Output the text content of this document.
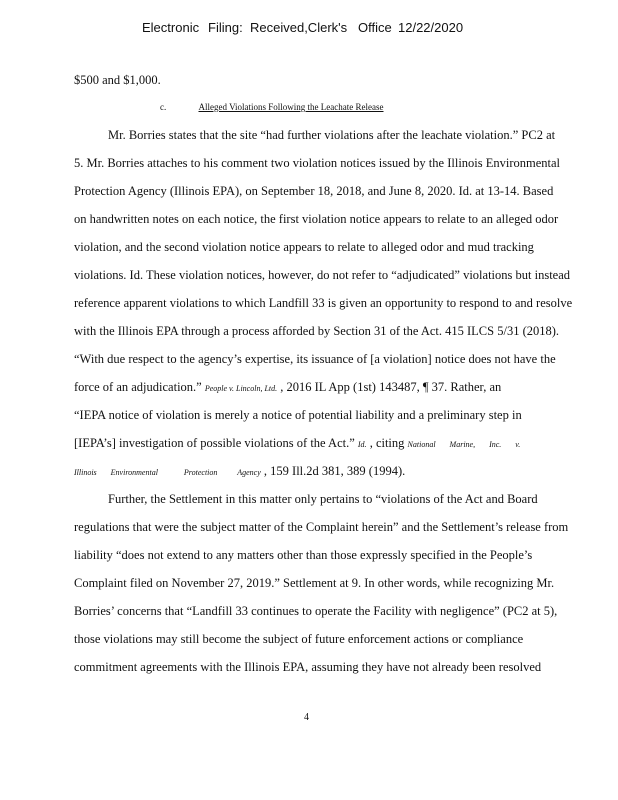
Electronic Filing: Received,Clerk's Office 12/22/2020
$500 and $1,000.
c.	Alleged Violations Following the Leachate Release
Mr. Borries states that the site “had further violations after the leachate violation.” PC2 at
5. Mr. Borries attaches to his comment two violation notices issued by the Illinois Environmental
Protection Agency (Illinois EPA), on September 18, 2018, and June 8, 2020. Id. at 13-14. Based
on handwritten notes on each notice, the first violation notice appears to relate to an alleged odor
violation, and the second violation notice appears to relate to alleged odor and mud tracking
violations. Id. These violation notices, however, do not refer to “adjudicated” violations but instead
reference apparent violations to which Landfill 33 is given an opportunity to respond to and resolve
with the Illinois EPA through a process afforded by Section 31 of the Act. 415 ILCS 5/31 (2018).
“With due respect to the agency’s expertise, its issuance of [a violation] notice does not have the
force of an adjudication.” People v. Lincoln, Ltd. , 2016 IL App (1st) 143487, ¶ 37. Rather, an
“IEPA notice of violation is merely a notice of potential liability and a preliminary step in
[IEPA’s] investigation of possible violations of the Act.” Id. , citing National       Marine,       Inc.       v.
Illinois       Environmental             Protection          Agency , 159 Ill.2d 381, 389 (1994).
Further, the Settlement in this matter only pertains to “violations of the Act and Board
regulations that were the subject matter of the Complaint herein” and the Settlement’s release from
liability “does not extend to any matters other than those expressly specified in the People’s
Complaint filed on November 27, 2019.” Settlement at 9. In other words, while recognizing Mr.
Borries’ concerns that “Landfill 33 continues to operate the Facility with negligence” (PC2 at 5),
those violations may still become the subject of future enforcement actions or compliance
commitment agreements with the Illinois EPA, assuming they have not already been resolved
4
